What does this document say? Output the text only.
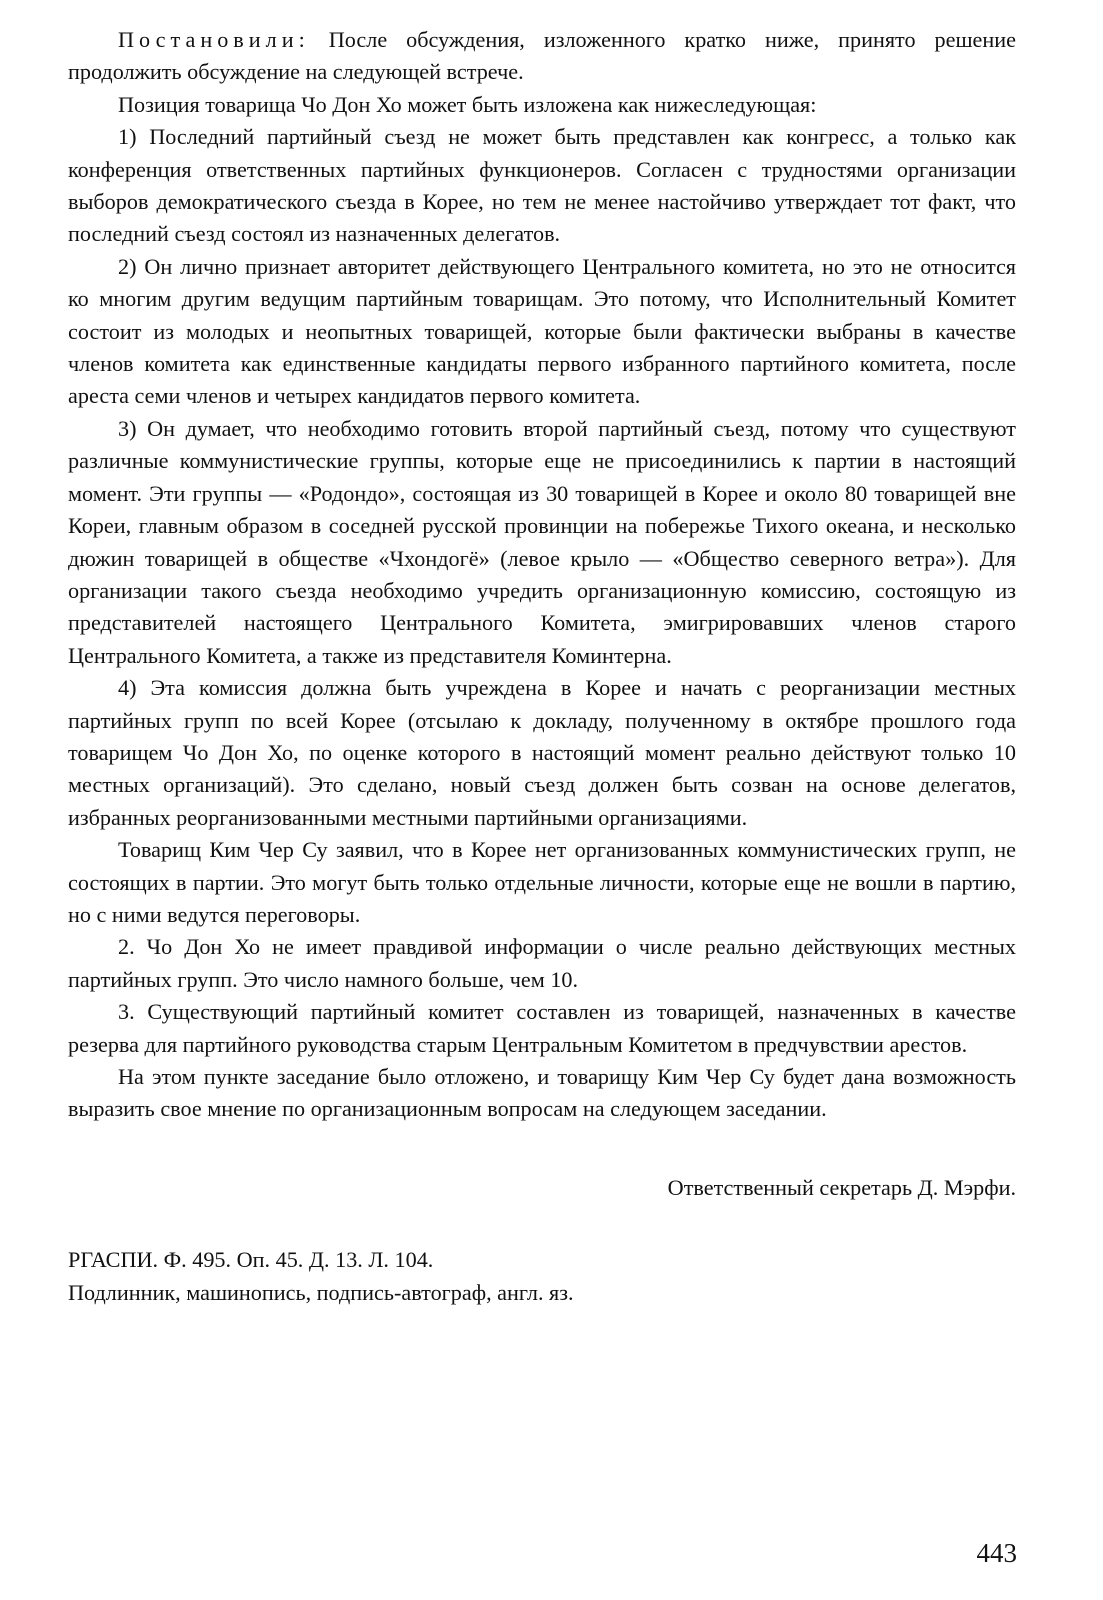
Постановили: После обсуждения, изложенного кратко ниже, принято решение продолжить обсуждение на следующей встрече.

Позиция товарища Чо Дон Хо может быть изложена как нижеследующая:

1) Последний партийный съезд не может быть представлен как конгресс, а только как конференция ответственных партийных функционеров. Согласен с трудностями организации выборов демократического съезда в Корее, но тем не менее настойчиво утверждает тот факт, что последний съезд состоял из назначенных делегатов.

2) Он лично признает авторитет действующего Центрального комитета, но это не относится ко многим другим ведущим партийным товарищам. Это потому, что Исполнительный Комитет состоит из молодых и неопытных товарищей, которые были фактически выбраны в качестве членов комитета как единственные кандидаты первого избранного партийного комитета, после ареста семи членов и четырех кандидатов первого комитета.

3) Он думает, что необходимо готовить второй партийный съезд, потому что существуют различные коммунистические группы, которые еще не присоединились к партии в настоящий момент. Эти группы — «Родондо», состоящая из 30 товарищей в Корее и около 80 товарищей вне Кореи, главным образом в соседней русской провинции на побережье Тихого океана, и несколько дюжин товарищей в обществе «Чхондогё» (левое крыло — «Общество северного ветра»). Для организации такого съезда необходимо учредить организационную комиссию, состоящую из представителей настоящего Центрального Комитета, эмигрировавших членов старого Центрального Комитета, а также из представителя Коминтерна.

4) Эта комиссия должна быть учреждена в Корее и начать с реорганизации местных партийных групп по всей Корее (отсылаю к докладу, полученному в октябре прошлого года товарищем Чо Дон Хо, по оценке которого в настоящий момент реально действуют только 10 местных организаций). Это сделано, новый съезд должен быть созван на основе делегатов, избранных реорганизованными местными партийными организациями.

Товарищ Ким Чер Су заявил, что в Корее нет организованных коммунистических групп, не состоящих в партии. Это могут быть только отдельные личности, которые еще не вошли в партию, но с ними ведутся переговоры.

2. Чо Дон Хо не имеет правдивой информации о числе реально действующих местных партийных групп. Это число намного больше, чем 10.

3. Существующий партийный комитет составлен из товарищей, назначенных в качестве резерва для партийного руководства старым Центральным Комитетом в предчувствии арестов.

На этом пункте заседание было отложено, и товарищу Ким Чер Су будет дана возможность выразить свое мнение по организационным вопросам на следующем заседании.

Ответственный секретарь Д. Мэрфи.

РГАСПИ. Ф. 495. Оп. 45. Д. 13. Л. 104.
Подлинник, машинопись, подпись-автограф, англ. яз.
443
